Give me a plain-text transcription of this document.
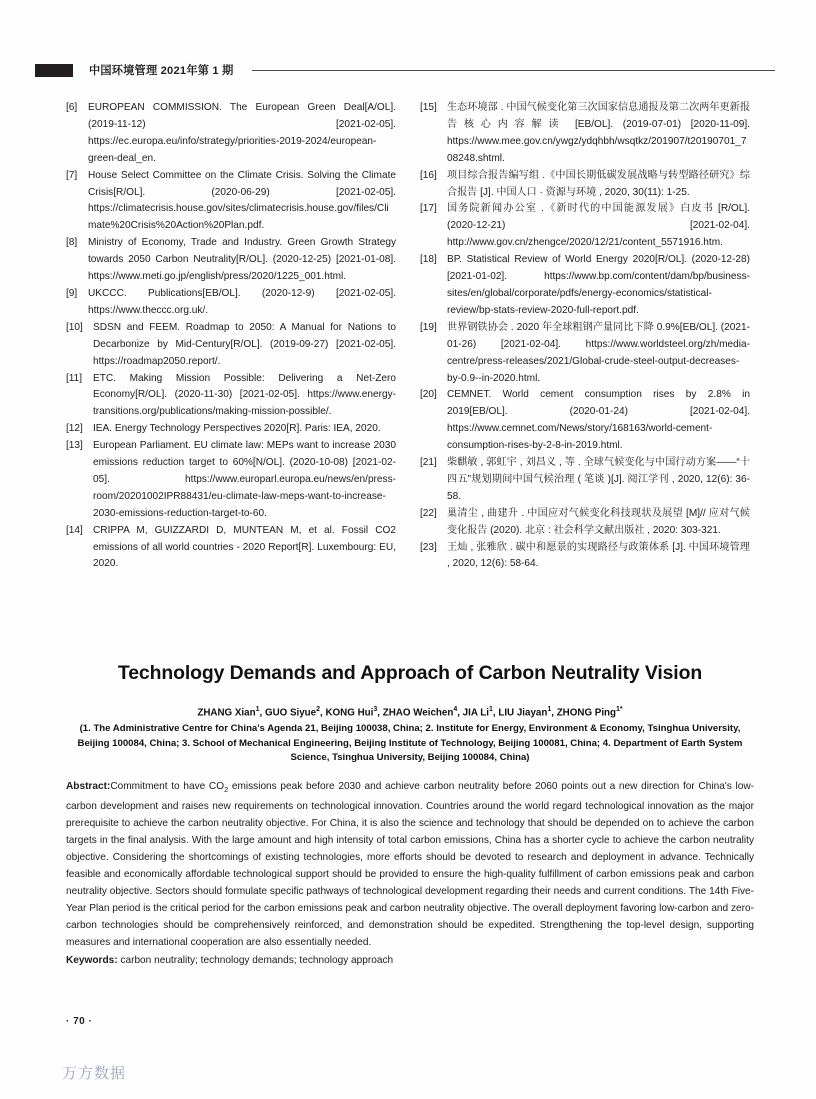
中国环境管理 2021年第 1 期
[6]	EUROPEAN COMMISSION. The European Green Deal[A/OL]. (2019-11-12) [2021-02-05]. https://ec.europa.eu/info/strategy/priorities-2019-2024/european-green-deal_en.
[7]	House Select Committee on the Climate Crisis. Solving the Climate Crisis[R/OL]. (2020-06-29) [2021-02-05]. https://climatecrisis.house.gov/sites/climatecrisis.house.gov/files/Climate%20Crisis%20Action%20Plan.pdf.
[8]	Ministry of Economy, Trade and Industry. Green Growth Strategy towards 2050 Carbon Neutrality[R/OL]. (2020-12-25) [2021-01-08]. https://www.meti.go.jp/english/press/2020/1225_001.html.
[9]	UKCCC. Publications[EB/OL]. (2020-12-9) [2021-02-05]. https://www.theccc.org.uk/.
[10]	SDSN and FEEM. Roadmap to 2050: A Manual for Nations to Decarbonize by Mid-Century[R/OL]. (2019-09-27) [2021-02-05]. https://roadmap2050.report/.
[11]	ETC. Making Mission Possible: Delivering a Net-Zero Economy[R/OL]. (2020-11-30) [2021-02-05]. https://www.energy-transitions.org/publications/making-mission-possible/.
[12]	IEA. Energy Technology Perspectives 2020[R]. Paris: IEA, 2020.
[13]	European Parliament. EU climate law: MEPs want to increase 2030 emissions reduction target to 60%[N/OL]. (2020-10-08) [2021-02-05]. https://www.europarl.europa.eu/news/en/press-room/20201002IPR88431/eu-climate-law-meps-want-to-increase-2030-emissions-reduction-target-to-60.
[14]	CRIPPA M, GUIZZARDI D, MUNTEAN M, et al. Fossil CO2 emissions of all world countries - 2020 Report[R]. Luxembourg: EU, 2020.
[15]	生态环境部 . 中国气候变化第三次国家信息通报及第二次两年更新报告核心内容解读 [EB/OL]. (2019-07-01) [2020-11-09]. https://www.mee.gov.cn/ywgz/ydqhbh/wsqtkz/201907/t20190701_708248.shtml.
[16]	项目综合报告编写组 .《中国长期低碳发展战略与转型路径研究》综合报告 [J]. 中国人口 · 资源与环境 , 2020, 30(11): 1-25.
[17]	国务院新闻办公室 .《新时代的中国能源发展》白皮书 [R/OL]. (2020-12-21) [2021-02-04]. http://www.gov.cn/zhengce/2020/12/21/content_5571916.htm.
[18]	BP. Statistical Review of World Energy 2020[R/OL]. (2020-12-28) [2021-01-02]. https://www.bp.com/content/dam/bp/business-sites/en/global/corporate/pdfs/energy-economics/statistical-review/bp-stats-review-2020-full-report.pdf.
[19]	世界钢铁协会 . 2020 年全球粗钢产量同比下降 0.9%[EB/OL]. (2021-01-26) [2021-02-04]. https://www.worldsteel.org/zh/media-centre/press-releases/2021/Global-crude-steel-output-decreases-by-0.9--in-2020.html.
[20]	CEMNET. World cement consumption rises by 2.8% in 2019[EB/OL]. (2020-01-24) [2021-02-04]. https://www.cemnet.com/News/story/168163/world-cement-consumption-rises-by-2-8-in-2019.html.
[21]	柴麒敏 , 郭虹宇 , 刘昌义 , 等 . 全球气候变化与中国行动方案——“十四五”规划期间中国气候治理 ( 笔谈 )[J]. 阅江学刊 , 2020, 12(6): 36-58.
[22]	巢清尘 , 曲建升 . 中国应对气候变化科技现状及展望 [M]// 应对气候变化报告 (2020). 北京 : 社会科学文献出版社 , 2020: 303-321.
[23]	王灿 , 张雅欣 . 碳中和愿景的实现路径与政策体系 [J]. 中国环境管理 , 2020, 12(6): 58-64.
Technology Demands and Approach of Carbon Neutrality Vision
ZHANG Xian$^1$, GUO Siyue$^2$, KONG Hui$^3$, ZHAO Weichen$^4$, JIA Li$^1$, LIU Jiayan$^1$, ZHONG Ping$^{1*}$
(1. The Administrative Centre for China's Agenda 21, Beijing 100038, China; 2. Institute for Energy, Environment & Economy, Tsinghua University, Beijing 100084, China; 3. School of Mechanical Engineering, Beijing Institute of Technology, Beijing 100081, China; 4. Department of Earth System Science, Tsinghua University, Beijing 100084, China)
Abstract:Commitment to have $CO_2$ emissions peak before 2030 and achieve carbon neutrality before 2060 points out a new direction for China's low-carbon development and raises new requirements on technological innovation. Countries around the world regard technological innovation as the major prerequisite to achieve the carbon neutrality objective. For China, it is also the science and technology that should be depended on to achieve the carbon targets in the final analysis. With the large amount and high intensity of total carbon emissions, China has a shorter cycle to achieve the carbon neutrality objective. Considering the shortcomings of existing technologies, more efforts should be devoted to research and deployment in advance. Technically feasible and economically affordable technological support should be provided to ensure the high-quality fulfillment of carbon emissions peak and carbon neutrality objective. Sectors should formulate specific pathways of technological development regarding their needs and current conditions. The 14th Five-Year Plan period is the critical period for the carbon emissions peak and carbon neutrality objective. The overall deployment favoring low-carbon and zero-carbon technologies should be comprehensively reinforced, and demonstration should be expedited. Strengthening the top-level design, supporting measures and international cooperation are also essentially needed.
Keywords: carbon neutrality; technology demands; technology approach
· 70 ·
万方数据
